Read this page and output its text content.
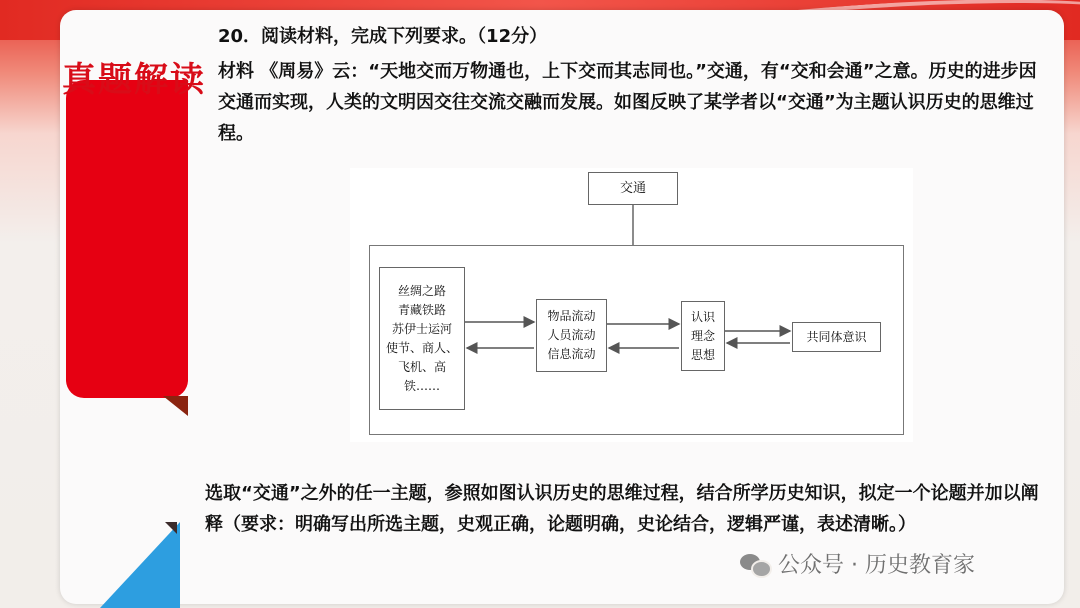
真题解读
20．阅读材料，完成下列要求。（12分）
材料 《周易》云：“天地交而万物通也，上下交而其志同也。”交通，有“交和会通”之意。历史的进步因交通而实现，人类的文明因交往交流交融而发展。如图反映了某学者以“交通”为主题认识历史的思维过程。
交通
丝绸之路
青藏铁路
苏伊士运河
使节、商人、
飞机、高
铁……
物品流动
人员流动
信息流动
认识
理念
思想
共同体意识
选取“交通”之外的任一主题，参照如图认识历史的思维过程，结合所学历史知识，拟定一个论题并加以阐释（要求：明确写出所选主题，史观正确，论题明确，史论结合，逻辑严谨，表述清晰。）
公众号 · 历史教育家
